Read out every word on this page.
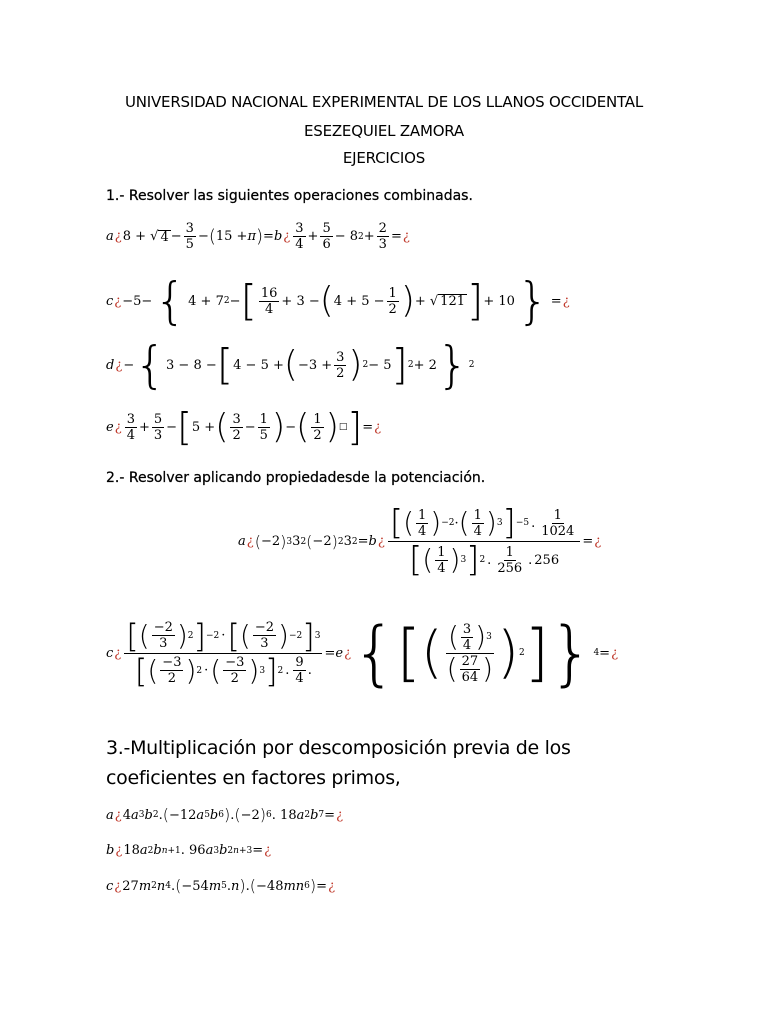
UNIVERSIDAD NACIONAL EXPERIMENTAL DE LOS LLANOS OCCIDENTAL
ESEZEQUIEL ZAMORA
EJERCICIOS
1.- Resolver las siguientes operaciones combinadas.
a ¿ 8 + √ $4 - \frac{3}{5}$ − ( 15 + π ) = b ¿ $\frac{3}{4} + \frac{5}{6} - 8$ $2 + \frac{2}{3}$ = ¿
c ¿ −5− { 4 + 7 2 − [ $\frac{16}{4} + 3$ − ( $4 + 5 - \frac{1}{2}$ ) + √ 121 ] + 10 } = ¿
d ¿ − { 3 − 8 − [ 4 − 5 + ( $-3 + \frac{3}{2}$ ) 2 − 5 ] 2 + 2 } 2
e ¿ $\frac{3}{4} + \frac{5}{3}$ − [ 5 + ( $\frac{3}{2} - \frac{1}{5}$ ) − ( $\frac{1}{2}$ ) □ ] = ¿
2.- Resolver aplicando propiedadesde la potenciación.
a ¿ ( −2 ) 3 3 2 ( −2 ) 2 3 2 = b ¿ $\frac{[ ( \frac{1}{4} ) -2 \cdot ( \frac{1}{4} ) 3 ] -5 . \frac{1}{1024}}{[ ( \frac{1}{4} ) 3 ] 2 . \frac{1}{256} . 256}$ = ¿
c ¿ [ ( $\frac{-2}{3}$ ) 2 ] −2 · [ ( $\frac{-2}{3}$ ) −2 ] 3
[ ( $\frac{-3}{2}$ ) 2 · ( $\frac{-3}{2}$ ) 3 ] 2 . $\frac{9}{4}$ .
= e ¿ { [ ( $\frac{( \frac{3}{4} ) 3}{( \frac{27}{64} )}$ ) 2 ] } 4 = ¿
3.-Multiplicación por descomposición previa de los coeficientes en factores primos,
a ¿ 4 a 3 b 2 . ( −12 a 5 b 6 ) . ( −2 ) 6 . 18 a 2 b 7 = ¿
b ¿ 18 a 2 b n+1 . 96 a 3 b 2n+3 = ¿
c ¿ 27 m 2 n 4 . ( −54 m 5 . n ) . ( −48 mn 6 ) = ¿
